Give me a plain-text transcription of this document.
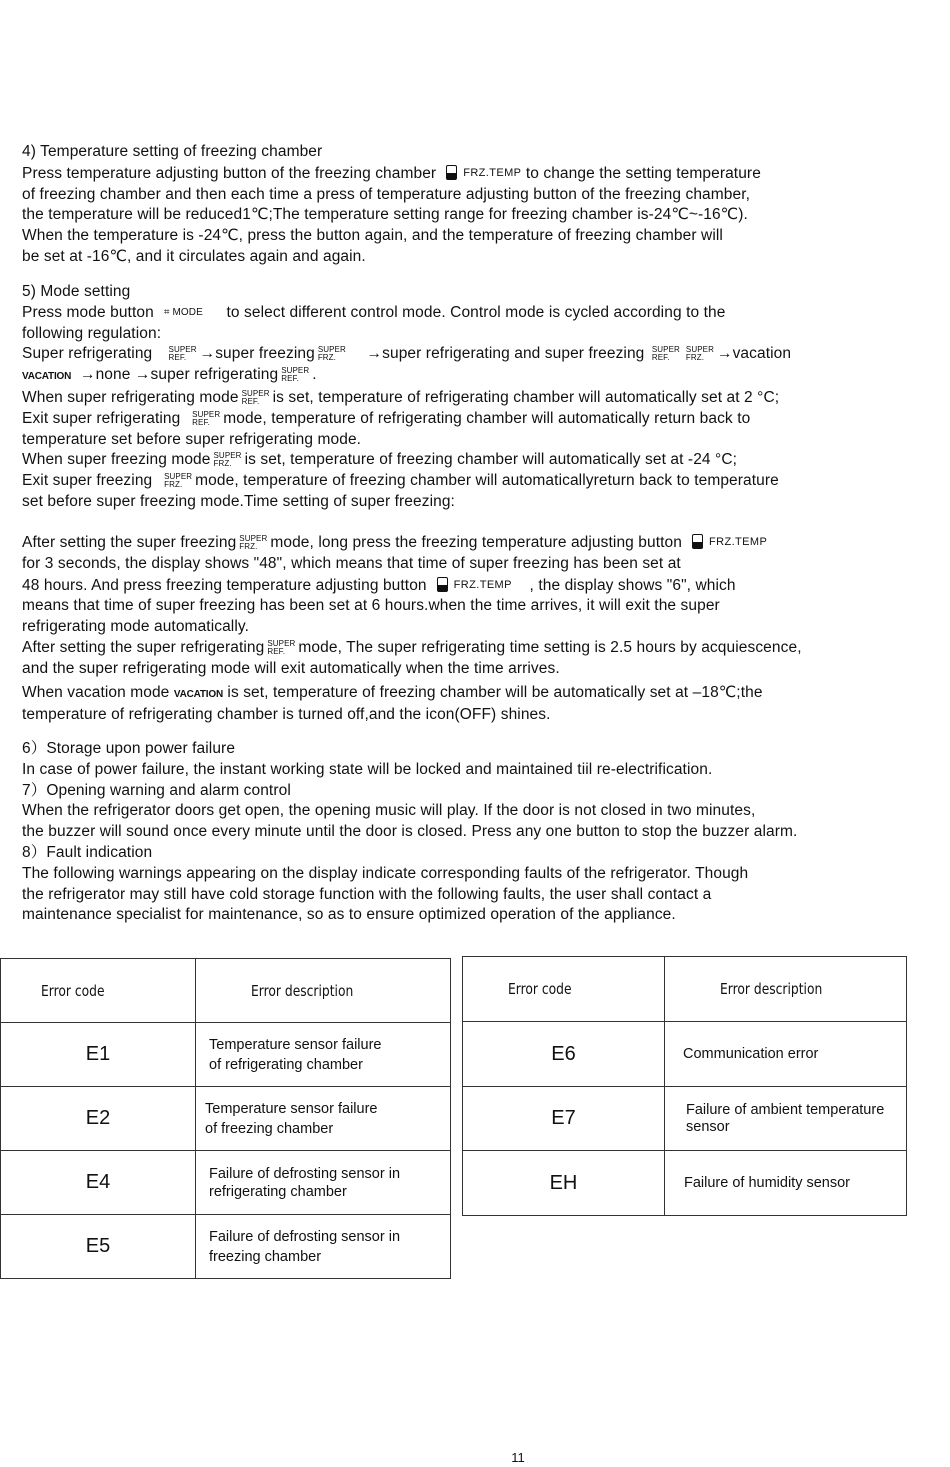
4) Temperature setting of freezing chamber
Press temperature adjusting button of the freezing chamber FRZ.TEMP to change the setting temperature
of freezing chamber and then each time a press of temperature adjusting button of the freezing chamber,
the temperature will be reduced1℃;The temperature setting range for freezing chamber is-24℃~-16℃).
When the temperature is -24℃, press the button again, and the temperature of freezing chamber will
be set at -16℃, and it circulates again and again.
5) Mode setting
Press mode button ⌗ MODE to select different control mode. Control mode is cycled according to the
following regulation:
Super refrigerating SUPER
REF. →super freezing SUPER
FRZ.	→super refrigerating and super freezing SUPER
REF.
SUPER
FRZ. →vacation
VACATION →none →super refrigerating SUPER
REF. .
When super refrigerating mode SUPER
REF. is set, temperature of refrigerating chamber will automatically set at 2 °C;
Exit super refrigerating SUPER
REF. mode, temperature of refrigerating chamber will automatically return back to
temperature set before super refrigerating mode.
When super freezing mode SUPER
FRZ. is set, temperature of freezing chamber will automatically set at -24 °C;
Exit super freezing SUPER
FRZ. mode, temperature of freezing chamber will automaticallyreturn back to temperature
set before super freezing mode.Time setting of super freezing:
After setting the super freezing SUPER
FRZ. mode, long press the freezing temperature adjusting button FRZ.TEMP
for 3 seconds, the display shows "48", which means that time of super freezing has been set at
48 hours. And press freezing temperature adjusting button FRZ.TEMP , the display shows "6", which
means that time of super freezing has been set at 6 hours.when the time arrives, it will exit the super
refrigerating mode automatically.
After setting the super refrigerating SUPER
REF. mode, The super refrigerating time setting is 2.5 hours by acquiescence,
and the super refrigerating mode will exit automatically when the time arrives.
When vacation mode VACATION is set, temperature of freezing chamber will be automatically set at –18℃;the
temperature of refrigerating chamber is turned off,and the icon(OFF) shines.
6）Storage upon power failure
In case of power failure, the instant working state will be locked and maintained tiil re-electrification.
7）Opening warning and alarm control
When the refrigerator doors get open, the opening music will play. If the door is not closed in two minutes,
the buzzer will sound once every minute until the door is closed. Press any one button to stop the buzzer alarm.
8）Fault indication
The following warnings appearing on the display indicate corresponding faults of the refrigerator. Though
the refrigerator may still have cold storage function with the following faults, the user shall contact a
maintenance specialist for maintenance, so as to ensure optimized operation of the appliance.
Error code	Error description
E1	Temperature sensor failure
of refrigerating chamber
E2	Temperature sensor failure
of freezing chamber
E4	Failure of defrosting sensor in
refrigerating chamber
E5	Failure of defrosting sensor in
freezing chamber
Error code	Error description
E6	Communication error
E7	Failure of ambient temperature
sensor
EH	Failure of humidity sensor
11
